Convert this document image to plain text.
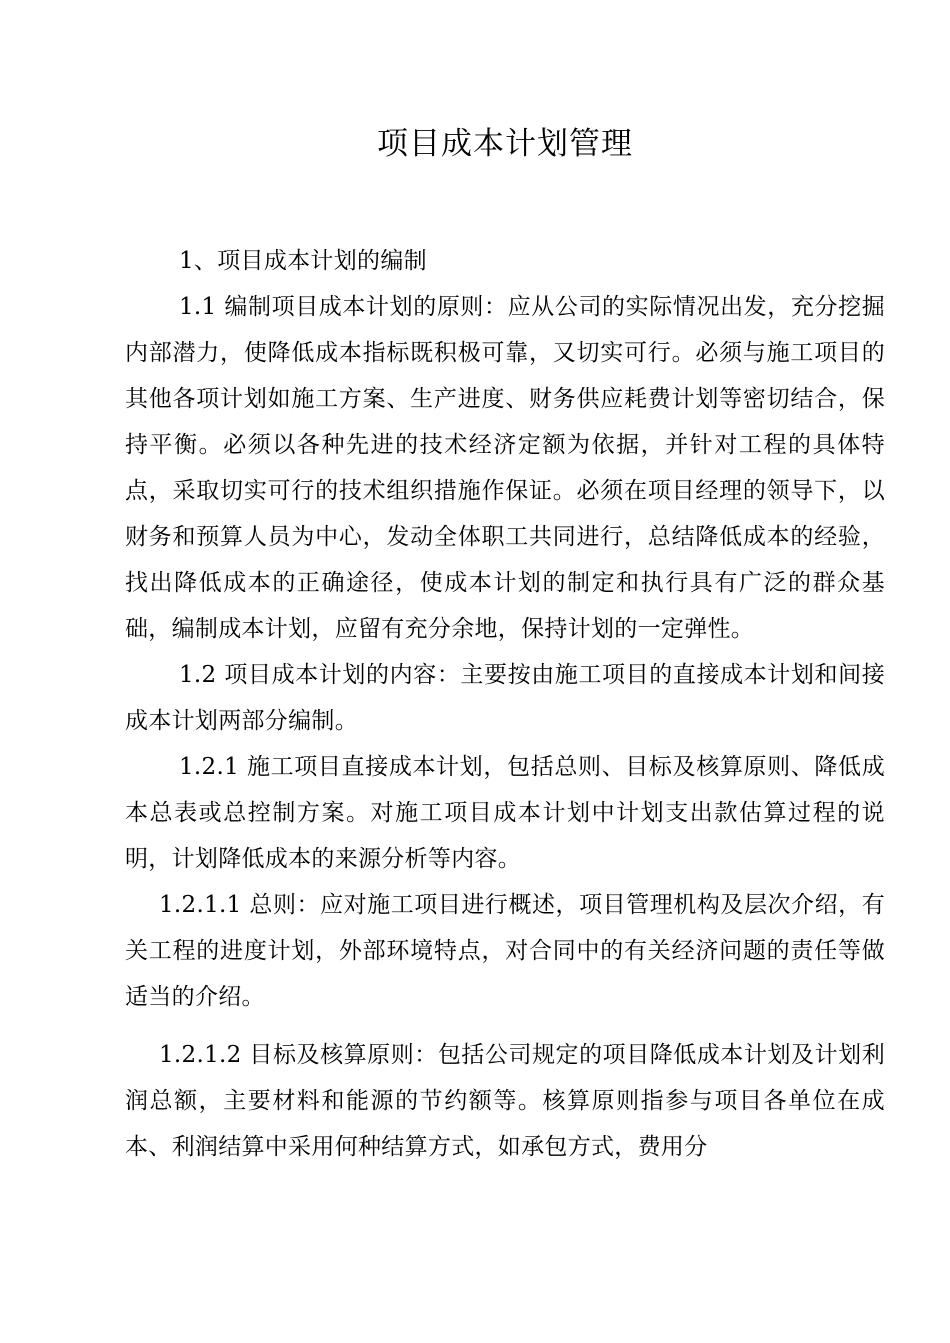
项目成本计划管理

1、项目成本计划的编制

1.1 编制项目成本计划的原则：应从公司的实际情况出发，充分挖掘内部潜力，使降低成本指标既积极可靠，又切实可行。必须与施工项目的其他各项计划如施工方案、生产进度、财务供应耗费计划等密切结合，保持平衡。必须以各种先进的技术经济定额为依据，并针对工程的具体特点，采取切实可行的技术组织措施作保证。必须在项目经理的领导下，以财务和预算人员为中心，发动全体职工共同进行，总结降低成本的经验，找出降低成本的正确途径，使成本计划的制定和执行具有广泛的群众基础，编制成本计划，应留有充分余地，保持计划的一定弹性。

1.2 项目成本计划的内容：主要按由施工项目的直接成本计划和间接成本计划两部分编制。

1.2.1 施工项目直接成本计划，包括总则、目标及核算原则、降低成本总表或总控制方案。对施工项目成本计划中计划支出款估算过程的说明，计划降低成本的来源分析等内容。

1.2.1.1 总则：应对施工项目进行概述，项目管理机构及层次介绍，有关工程的进度计划，外部环境特点，对合同中的有关经济问题的责任等做适当的介绍。

1.2.1.2 目标及核算原则：包括公司规定的项目降低成本计划及计划利润总额，主要材料和能源的节约额等。核算原则指参与项目各单位在成本、利润结算中采用何种结算方式，如承包方式，费用分
